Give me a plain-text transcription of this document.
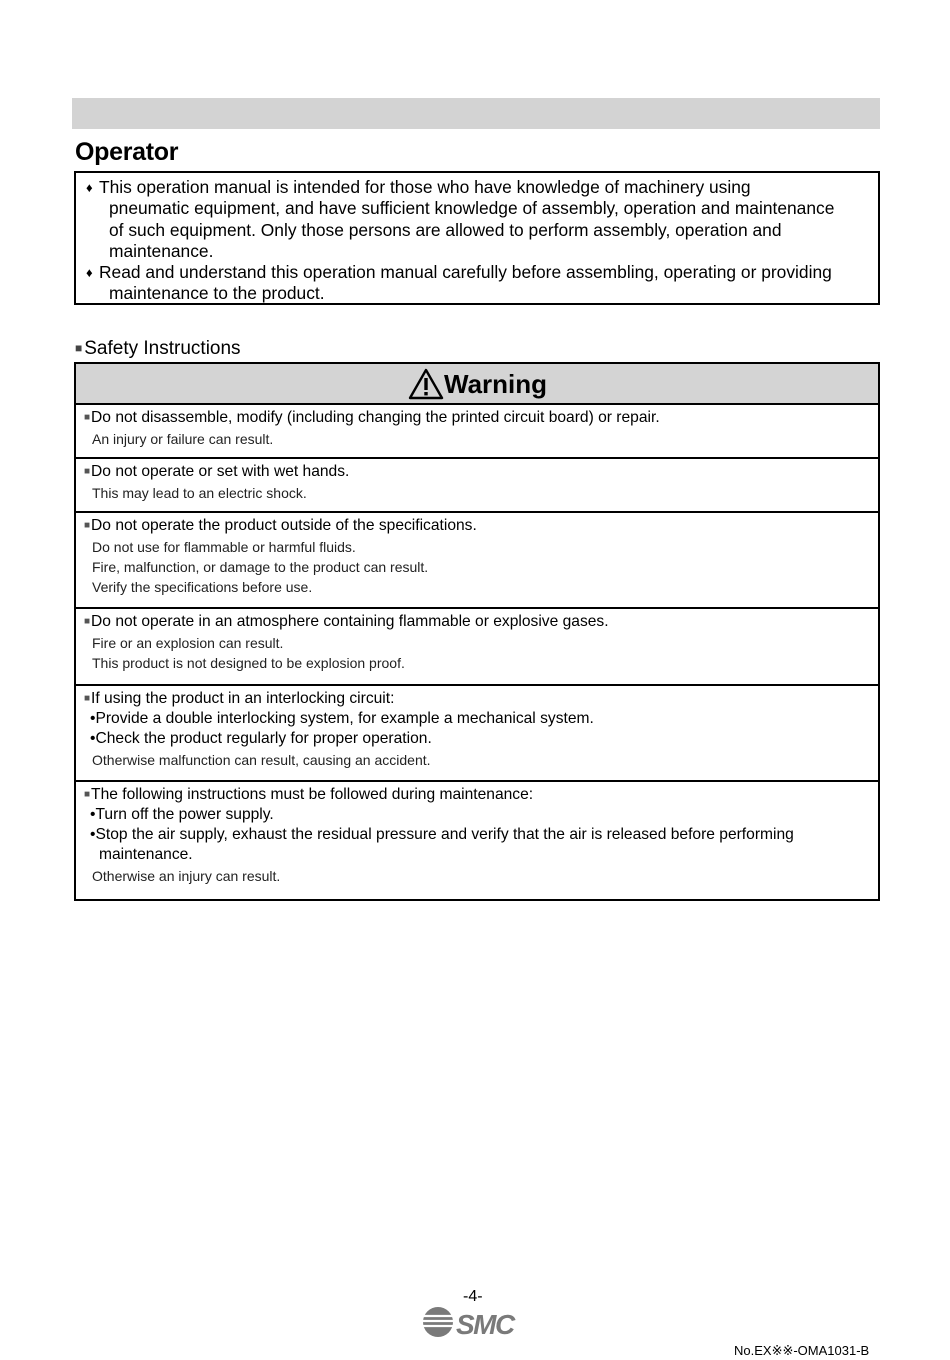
Operator
♦ This operation manual is intended for those who have knowledge of machinery using
pneumatic equipment, and have sufficient knowledge of assembly, operation and maintenance
of such equipment. Only those persons are allowed to perform assembly, operation and
maintenance.
♦ Read and understand this operation manual carefully before assembling, operating or providing
maintenance to the product.
■ Safety Instructions
Warning
■Do not disassemble, modify (including changing the printed circuit board) or repair.
An injury or failure can result.
■Do not operate or set with wet hands.
This may lead to an electric shock.
■Do not operate the product outside of the specifications.
Do not use for flammable or harmful fluids.
Fire, malfunction, or damage to the product can result.
Verify the specifications before use.
■Do not operate in an atmosphere containing flammable or explosive gases.
Fire or an explosion can result.
This product is not designed to be explosion proof.
■If using the product in an interlocking circuit:
•Provide a double interlocking system, for example a mechanical system.
•Check the product regularly for proper operation.
Otherwise malfunction can result, causing an accident.
■The following instructions must be followed during maintenance:
•Turn off the power supply.
•Stop the air supply, exhaust the residual pressure and verify that the air is released before performing
maintenance.
Otherwise an injury can result.
-4-
SMC
No.EX※※-OMA1031-B
